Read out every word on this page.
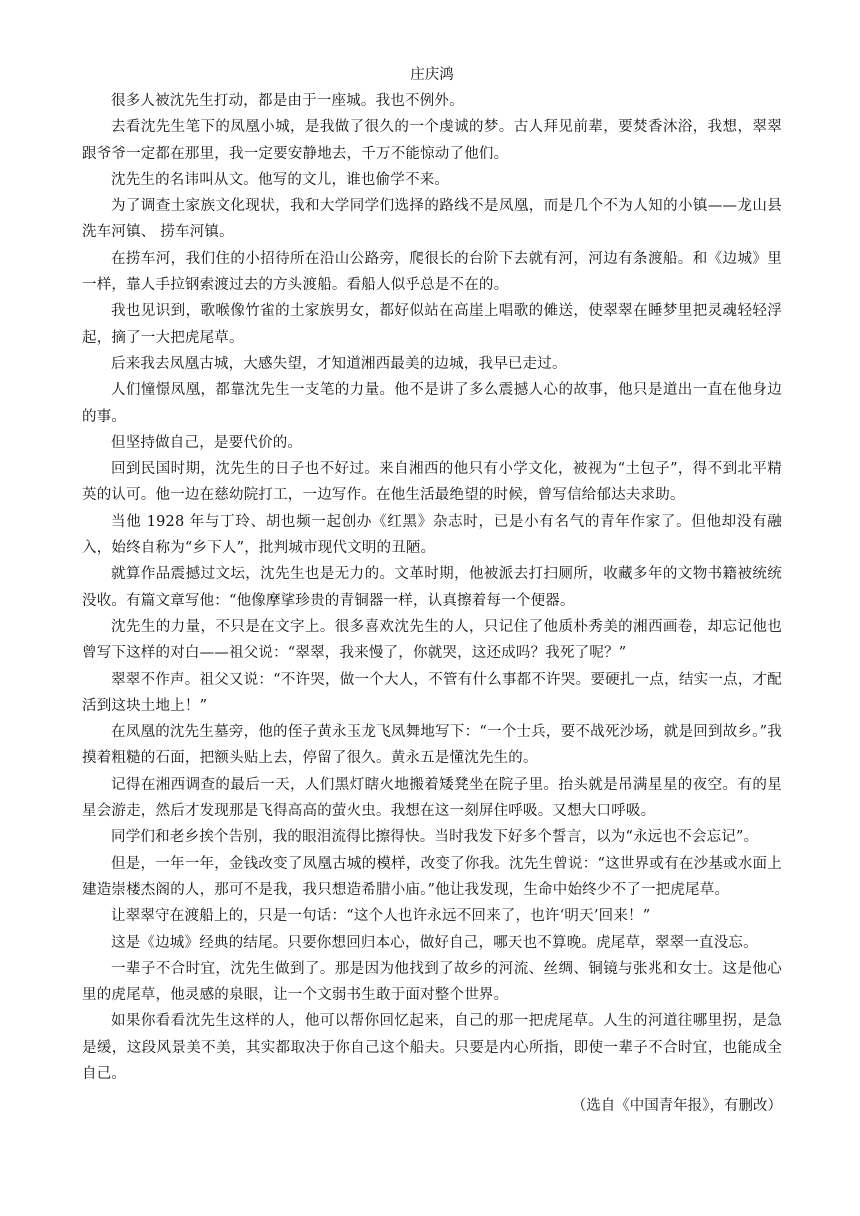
庄庆鸿

很多人被沈先生打动，都是由于一座城。我也不例外。

去看沈先生笔下的凤凰小城，是我做了很久的一个虔诚的梦。古人拜见前辈，要焚香沐浴，我想，翠翠跟爷爷一定都在那里，我一定要安静地去，千万不能惊动了他们。

沈先生的名讳叫从文。他写的文儿，谁也偷学不来。

为了调查土家族文化现状，我和大学同学们选择的路线不是凤凰，而是几个不为人知的小镇——龙山县洗车河镇、 捞车河镇。

在捞车河，我们住的小招待所在沿山公路旁，爬很长的台阶下去就有河，河边有条渡船。和《边城》里一样，靠人手拉钢索渡过去的方头渡船。看船人似乎总是不在的。

我也见识到，歌喉像竹雀的土家族男女，都好似站在高崖上唱歌的傩送，使翠翠在睡梦里把灵魂轻轻浮起，摘了一大把虎尾草。

后来我去凤凰古城，大感失望，才知道湘西最美的边城，我早已走过。

人们憧憬凤凰，都靠沈先生一支笔的力量。他不是讲了多么震撼人心的故事，他只是道出一直在他身边的事。

但坚持做自己，是要代价的。

回到民国时期，沈先生的日子也不好过。来自湘西的他只有小学文化，被视为“土包子”，得不到北平精英的认可。他一边在慈幼院打工，一边写作。在他生活最绝望的时候，曾写信给郁达夫求助。

当他 1928 年与丁玲、胡也频一起创办《红黑》杂志时，已是小有名气的青年作家了。但他却没有融入，始终自称为“乡下人”，批判城市现代文明的丑陋。

就算作品震撼过文坛，沈先生也是无力的。文革时期，他被派去打扫厕所，收藏多年的文物书籍被统统没收。有篇文章写他：“他像摩挲珍贵的青铜器一样，认真擦着每一个便器。

沈先生的力量，不只是在文字上。很多喜欢沈先生的人，只记住了他质朴秀美的湘西画卷，却忘记他也曾写下这样的对白——祖父说：“翠翠，我来慢了，你就哭，这还成吗？我死了呢？”

翠翠不作声。祖父又说：“不许哭，做一个大人，不管有什么事都不许哭。要硬扎一点，结实一点，才配活到这块土地上！”

在凤凰的沈先生墓旁，他的侄子黄永玉龙飞凤舞地写下：“一个士兵，要不战死沙场，就是回到故乡。”我摸着粗糙的石面，把额头贴上去，停留了很久。黄永五是懂沈先生的。

记得在湘西调查的最后一天，人们黑灯瞎火地搬着矮凳坐在院子里。抬头就是吊满星星的夜空。有的星星会游走，然后才发现那是飞得高高的萤火虫。我想在这一刻屏住呼吸。又想大口呼吸。

同学们和老乡挨个告别，我的眼泪流得比擦得快。当时我发下好多个誓言，以为“永远也不会忘记”。

但是，一年一年，金钱改变了凤凰古城的模样，改变了你我。沈先生曾说：“这世界或有在沙基或水面上建造崇楼杰阁的人，那可不是我，我只想造希腊小庙。”他让我发现，生命中始终少不了一把虎尾草。

让翠翠守在渡船上的，只是一句话：“这个人也许永远不回来了，也许‘明天’回来！”

这是《边城》经典的结尾。只要你想回归本心，做好自己，哪天也不算晚。虎尾草，翠翠一直没忘。

一辈子不合时宜，沈先生做到了。那是因为他找到了故乡的河流、丝绸、铜镜与张兆和女士。这是他心里的虎尾草，他灵感的泉眼，让一个文弱书生敢于面对整个世界。

如果你看看沈先生这样的人，他可以帮你回忆起来，自己的那一把虎尾草。人生的河道往哪里拐，是急是缓，这段风景美不美，其实都取决于你自己这个船夫。只要是内心所指，即使一辈子不合时宜，也能成全自己。

（选自《中国青年报》，有删改）
